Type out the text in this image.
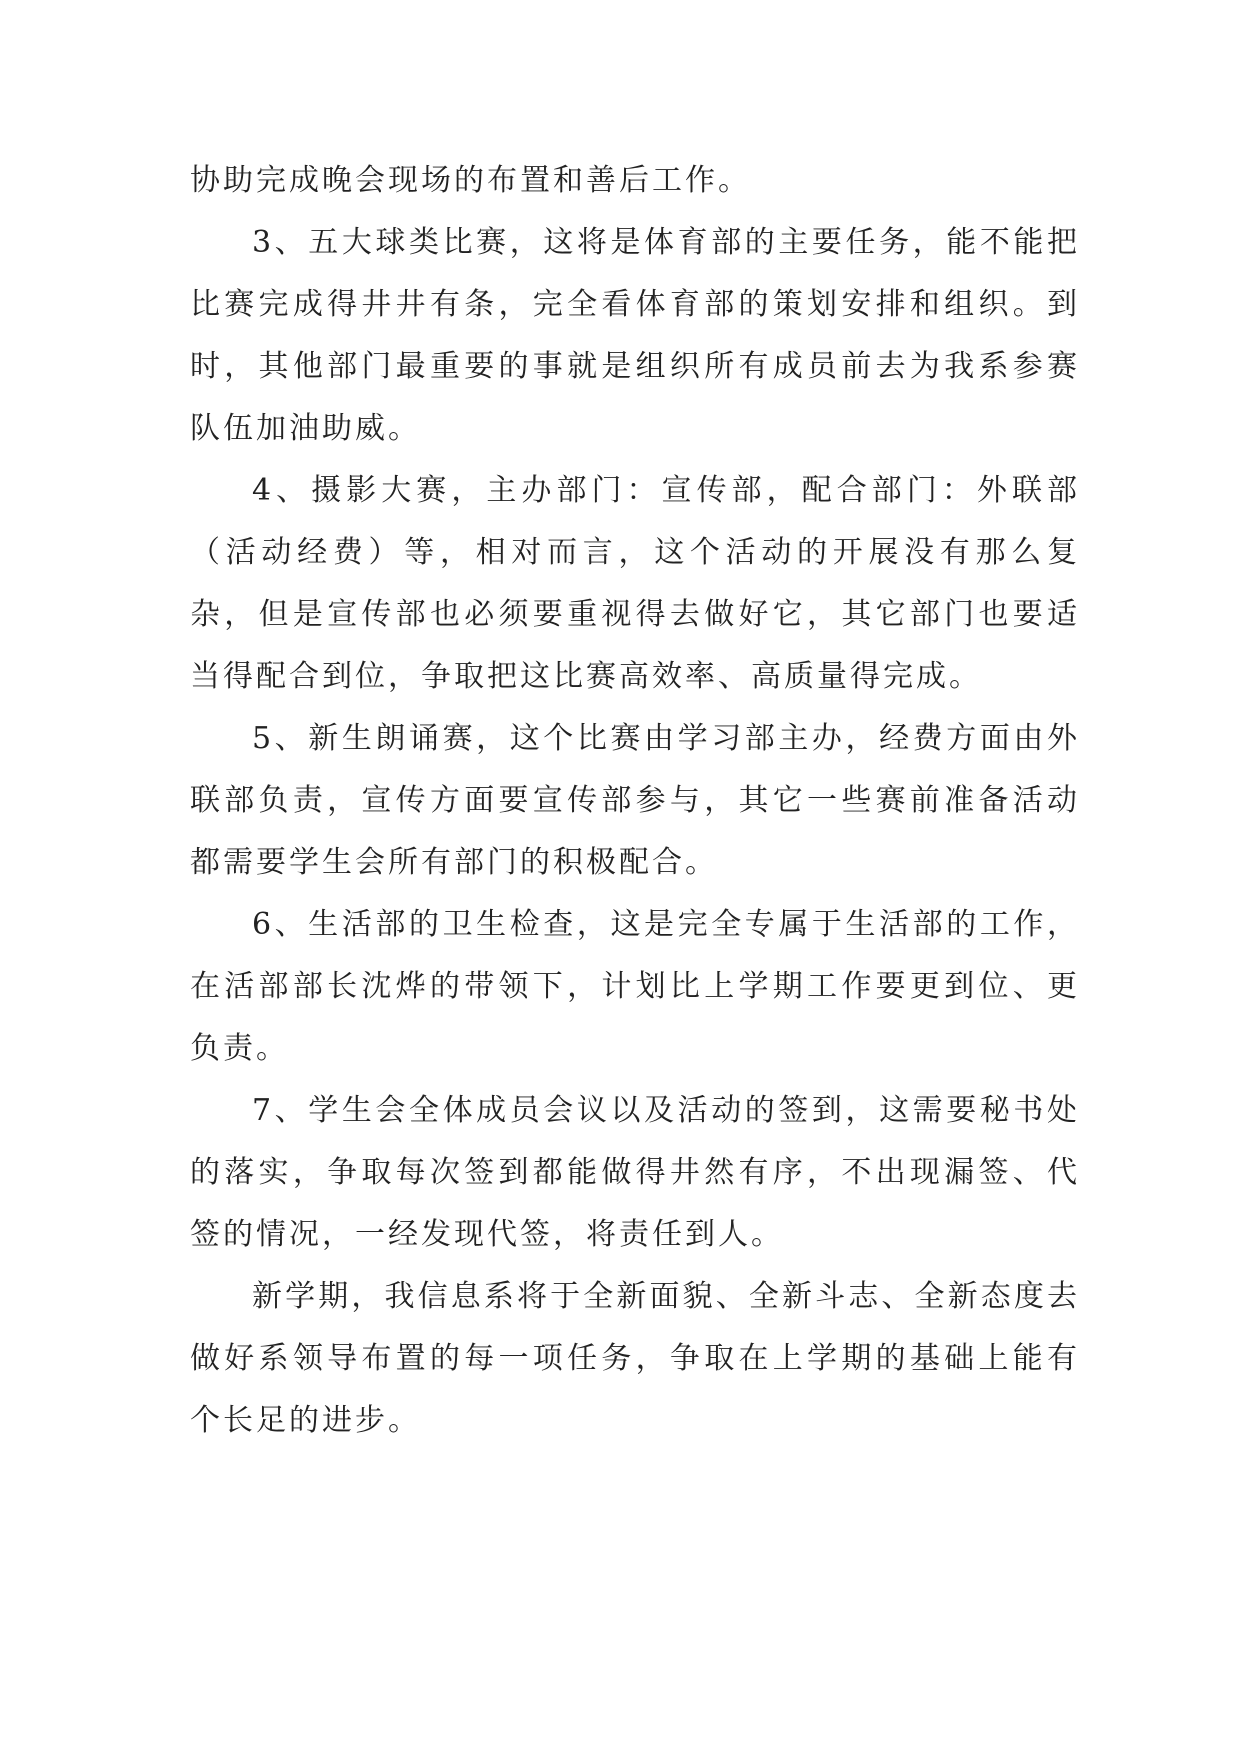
协助完成晚会现场的布置和善后工作。

3、五大球类比赛，这将是体育部的主要任务，能不能把比赛完成得井井有条，完全看体育部的策划安排和组织。到时，其他部门最重要的事就是组织所有成员前去为我系参赛队伍加油助威。

4、摄影大赛，主办部门：宣传部，配合部门：外联部（活动经费）等，相对而言，这个活动的开展没有那么复杂，但是宣传部也必须要重视得去做好它，其它部门也要适当得配合到位，争取把这比赛高效率、高质量得完成。

5、新生朗诵赛，这个比赛由学习部主办，经费方面由外联部负责，宣传方面要宣传部参与，其它一些赛前准备活动都需要学生会所有部门的积极配合。

6、生活部的卫生检查，这是完全专属于生活部的工作，在活部部长沈烨的带领下，计划比上学期工作要更到位、更负责。

7、学生会全体成员会议以及活动的签到，这需要秘书处的落实，争取每次签到都能做得井然有序，不出现漏签、代签的情况，一经发现代签，将责任到人。

新学期，我信息系将于全新面貌、全新斗志、全新态度去做好系领导布置的每一项任务，争取在上学期的基础上能有个长足的进步。
